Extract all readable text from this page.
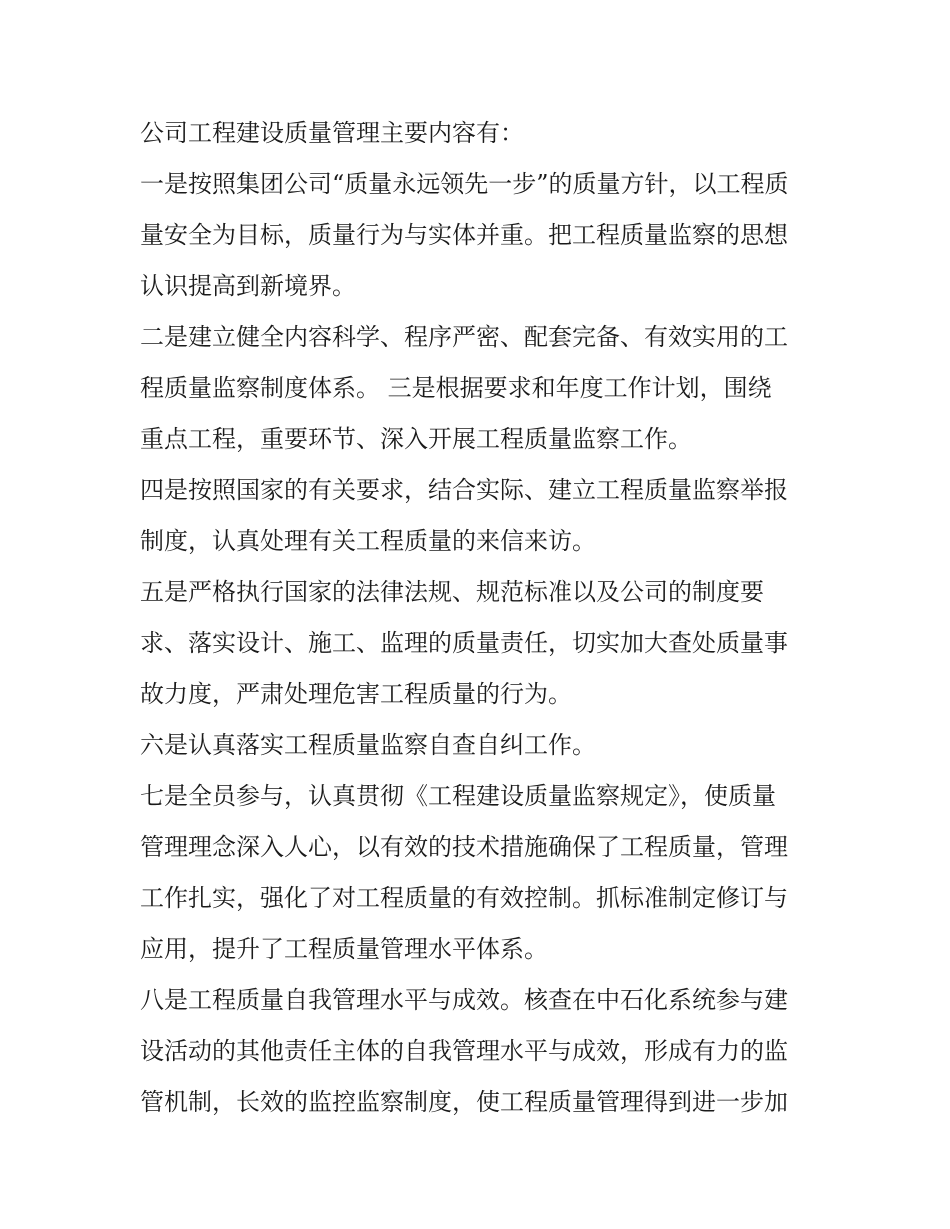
公司工程建设质量管理主要内容有：
一是按照集团公司“质量永远领先一步”的质量方针，以工程质
量安全为目标，质量行为与实体并重。把工程质量监察的思想
认识提高到新境界。
二是建立健全内容科学、程序严密、配套完备、有效实用的工
程质量监察制度体系。 三是根据要求和年度工作计划，围绕
重点工程，重要环节、深入开展工程质量监察工作。
四是按照国家的有关要求，结合实际、建立工程质量监察举报
制度，认真处理有关工程质量的来信来访。
五是严格执行国家的法律法规、规范标准以及公司的制度要
求、落实设计、施工、监理的质量责任，切实加大查处质量事
故力度，严肃处理危害工程质量的行为。
六是认真落实工程质量监察自查自纠工作。
七是全员参与，认真贯彻《工程建设质量监察规定》，使质量
管理理念深入人心，以有效的技术措施确保了工程质量，管理
工作扎实，强化了对工程质量的有效控制。抓标准制定修订与
应用，提升了工程质量管理水平体系。
八是工程质量自我管理水平与成效。核查在中石化系统参与建
设活动的其他责任主体的自我管理水平与成效，形成有力的监
管机制，长效的监控监察制度，使工程质量管理得到进一步加
